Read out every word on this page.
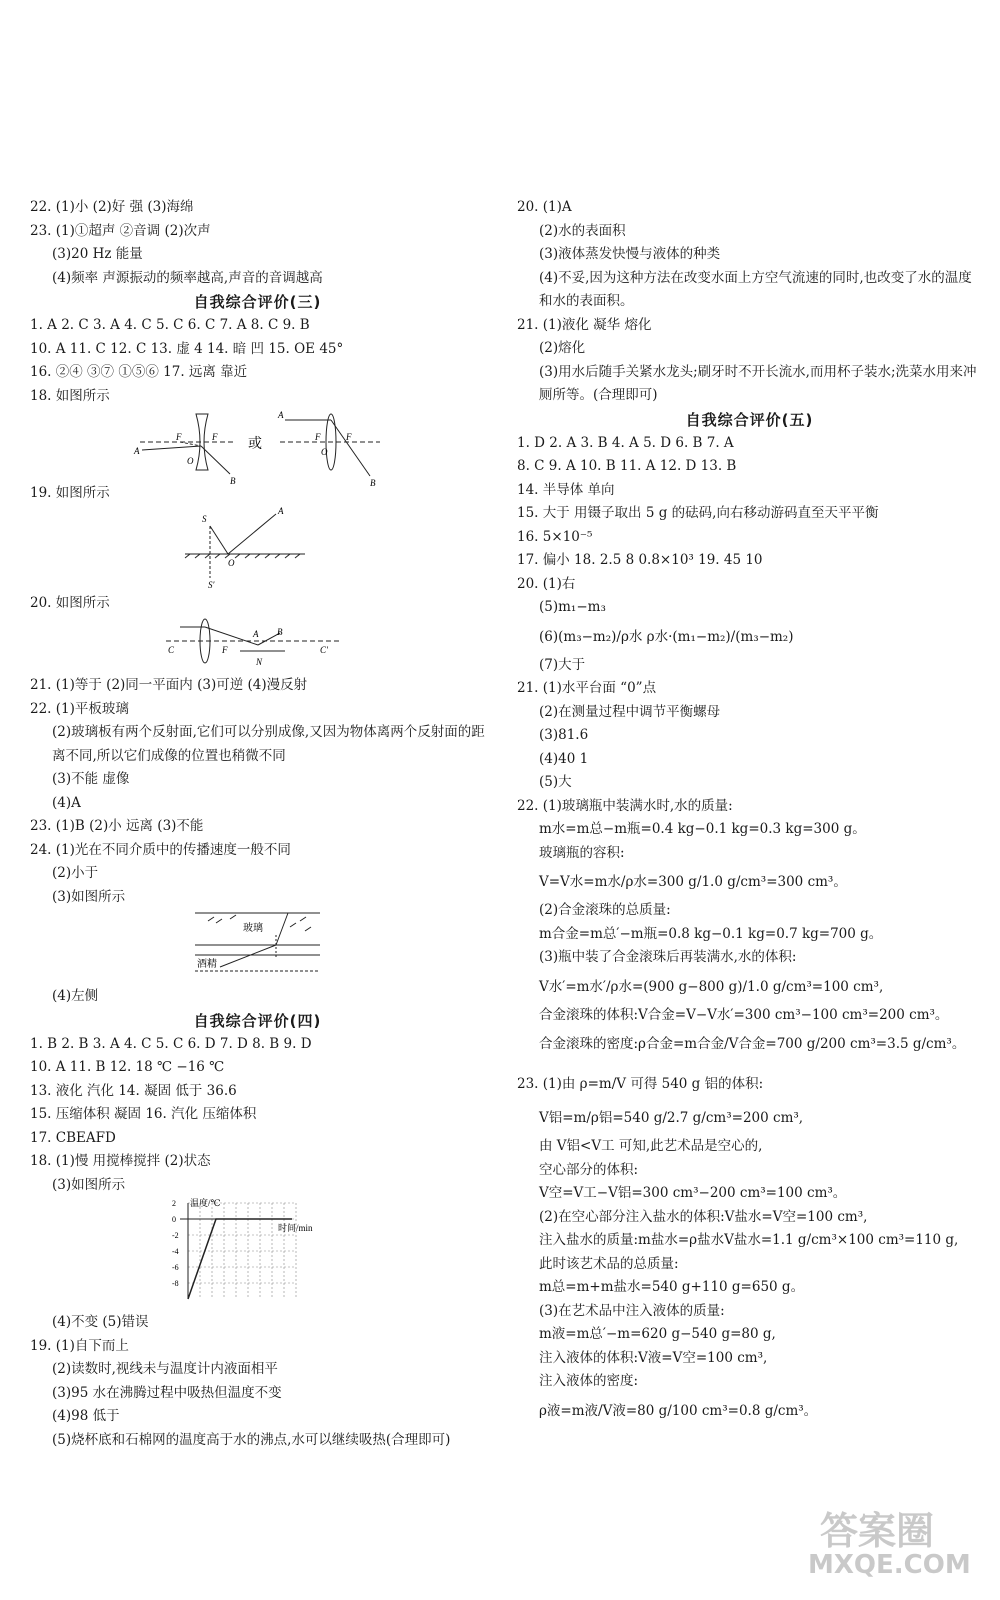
22. (1)小 (2)好 强 (3)海绵
23. (1)①超声 ②音调 (2)次声
(3)20 Hz 能量
(4)频率 声源振动的频率越高,声音的音调越高
自我综合评价(三)
1. A 2. C 3. A 4. C 5. C 6. C 7. A 8. C 9. B
10. A 11. C 12. C 13. 虚 4 14. 暗 凹 15. OE 45°
16. ②④ ③⑦ ①⑤⑥ 17. 远离 靠近
18. 如图所示
A
F	F
O
B
A
F	F
O
B
或
19. 如图所示
S
A
O
S′
20. 如图所示
C	F
A B
N
C′
21. (1)等于 (2)同一平面内 (3)可逆 (4)漫反射
22. (1)平板玻璃
(2)玻璃板有两个反射面,它们可以分别成像,又因为物体离两个反射面的距离不同,所以它们成像的位置也稍微不同
(3)不能 虚像
(4)A
23. (1)B (2)小 远离 (3)不能
24. (1)光在不同介质中的传播速度一般不同
(2)小于
(3)如图所示
玻璃
酒精
(4)左侧
自我综合评价(四)
1. B 2. B 3. A 4. C 5. C 6. D 7. D 8. B 9. D
10. A 11. B 12. 18 ℃ −16 ℃
13. 液化 汽化 14. 凝固 低于 36.6
15. 压缩体积 凝固 16. 汽化 压缩体积
17. CBEAFD
18. (1)慢 用搅棒搅拌 (2)状态
(3)如图所示
温度/℃
时间/min
2
0
-2
-4
-6
-8
(4)不变 (5)错误
19. (1)自下而上
(2)读数时,视线未与温度计内液面相平
(3)95 水在沸腾过程中吸热但温度不变
(4)98 低于
(5)烧杯底和石棉网的温度高于水的沸点,水可以继续吸热(合理即可)
20. (1)A
(2)水的表面积
(3)液体蒸发快慢与液体的种类
(4)不妥,因为这种方法在改变水面上方空气流速的同时,也改变了水的温度和水的表面积。
21. (1)液化 凝华 熔化
(2)熔化
(3)用水后随手关紧水龙头;刷牙时不开长流水,而用杯子装水;洗菜水用来冲厕所等。(合理即可)
自我综合评价(五)
1. D 2. A 3. B 4. A 5. D 6. B 7. A
8. C 9. A 10. B 11. A 12. D 13. B
14. 半导体 单向
15. 大于 用镊子取出 5 g 的砝码,向右移动游码直至天平平衡
16. 5×10⁻⁵
17. 偏小 18. 2.5 8 0.8×10³ 19. 45 10
20. (1)右
(5)m₁−m₃
(6)(m₃−m₂)/ρ水 ρ水·(m₁−m₂)/(m₃−m₂)
(7)大于
21. (1)水平台面 “0”点
(2)在测量过程中调节平衡螺母
(3)81.6
(4)40 1
(5)大
22. (1)玻璃瓶中装满水时,水的质量:
m水=m总−m瓶=0.4 kg−0.1 kg=0.3 kg=300 g。
玻璃瓶的容积:
V=V水=m水/ρ水=300 g/1.0 g/cm³=300 cm³。
(2)合金滚珠的总质量:
m合金=m总′−m瓶=0.8 kg−0.1 kg=0.7 kg=700 g。
(3)瓶中装了合金滚珠后再装满水,水的体积:
V水′=m水′/ρ水=(900 g−800 g)/1.0 g/cm³=100 cm³,
合金滚珠的体积:V合金=V−V水′=300 cm³−100 cm³=200 cm³。
合金滚珠的密度:ρ合金=m合金/V合金=700 g/200 cm³=3.5 g/cm³。
23. (1)由 ρ=m/V 可得 540 g 铝的体积:
V铝=m/ρ铝=540 g/2.7 g/cm³=200 cm³,
由 V铝<V工 可知,此艺术品是空心的,
空心部分的体积:
V空=V工−V铝=300 cm³−200 cm³=100 cm³。
(2)在空心部分注入盐水的体积:V盐水=V空=100 cm³,
注入盐水的质量:m盐水=ρ盐水V盐水=1.1 g/cm³×100 cm³=110 g,
此时该艺术品的总质量:
m总=m+m盐水=540 g+110 g=650 g。
(3)在艺术品中注入液体的质量:
m液=m总′−m=620 g−540 g=80 g,
注入液体的体积:V液=V空=100 cm³,
注入液体的密度:
ρ液=m液/V液=80 g/100 cm³=0.8 g/cm³。
答案圈
MXQE.COM
